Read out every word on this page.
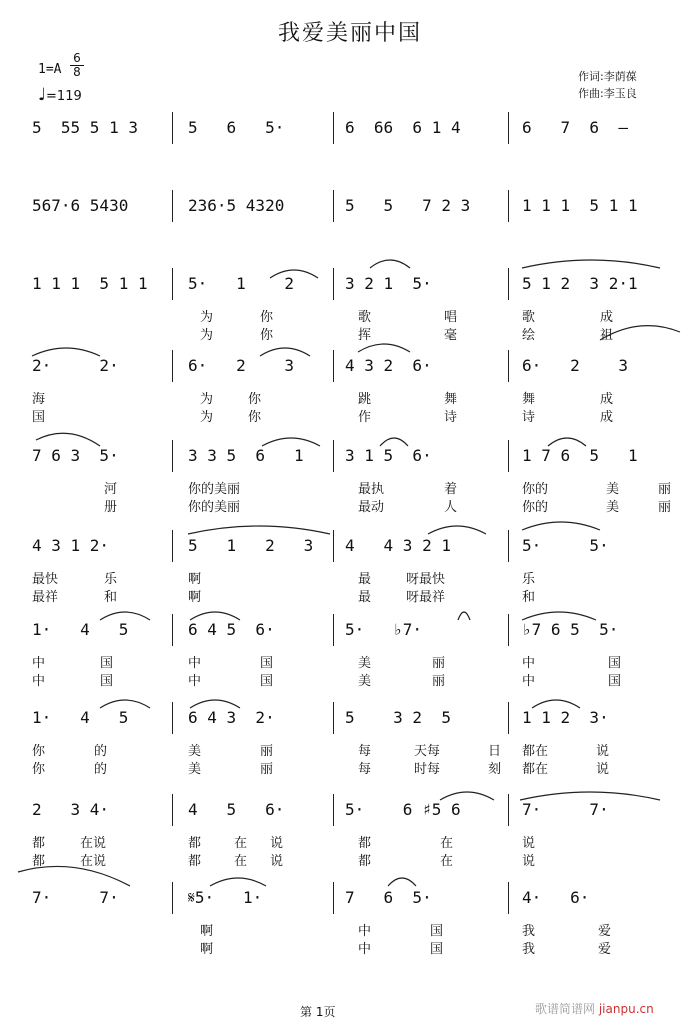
我爱美丽中国
1=A
6
8
♩=119
作词:李荫葆
作曲:李玉良
5  55 5 1 3	5   6   5·	6  66  6 1 4	6   7  6  —
567·6 5430	236·5 4320	5   5   7 2 3	1 1 1  5 1 1
1 1 1  5 1 1	5·   1    2	3 2 1  5·	5 1 2  3 2·1
为	你	歌	唱	歌	成
为	你	挥	毫	绘	祖
2·     2·	6·   2    3	4 3 2  6·	6·   2    3
海	为	你	跳	舞	舞	成
国	为	你	作	诗	诗	成
7 6 3  5·	3 3 5  6   1	3 1 5  6·	1 7 6  5   1
河	你的美丽	最执	着	你的	美	丽
册	你的美丽	最动	人	你的	美	丽
4 3 1 2·	5   1   2   3 4   4 3 2 1	5·     5·
最快	乐	啊	最	呀最快	乐
最祥	和	啊	最	呀最祥	和
1·   4   5	6 4 5  6·	5·   ♭7·	♭7 6 5  5·
中	国	中	国	美	丽	中	国
中	国	中	国	美	丽	中	国
1·   4   5	6 4 3  2·	5    3 2  5	1 1 2  3·
你	的	美	丽	每	天每	日 都在	说
你	的	美	丽	每	时每	刻 都在	说
2   3 4·	4   5   6·	5·    6 ♯5 6	7·     7·
都	在说	都	在 说	都	在	说
都	在说	都	在 说	都	在	说
7·     7·	𝄋5·   1·	7   6  5·	4·   6·
啊	中	国	我	爱
啊	中	国	我	爱
第 1页	歌谱简谱网 jianpu.cn
